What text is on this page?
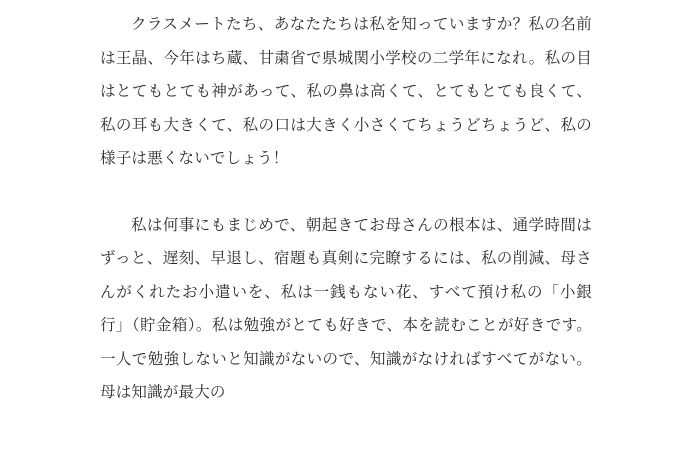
クラスメートたち、あなたたちは私を知っていますか？私の名前は王晶、今年はち蔵、甘粛省で県城関小学校の二学年になれ。私の目はとてもとても神があって、私の鼻は高くて、とてもとても良くて、私の耳も大きくて、私の口は大きく小さくてちょうどちょうど、私の様子は悪くないでしょう！

私は何事にもまじめで、朝起きてお母さんの根本は、通学時間はずっと、遅刻、早退し、宿題も真剣に完瞭するには、私の削減、母さんがくれたお小遣いを、私は一銭もない花、すべて預け私の「小銀行」（貯金箱）。私は勉強がとても好きで、本を読むことが好きです。一人で勉強しないと知識がないので、知識がなければすべてがない。母は知識が最大の
